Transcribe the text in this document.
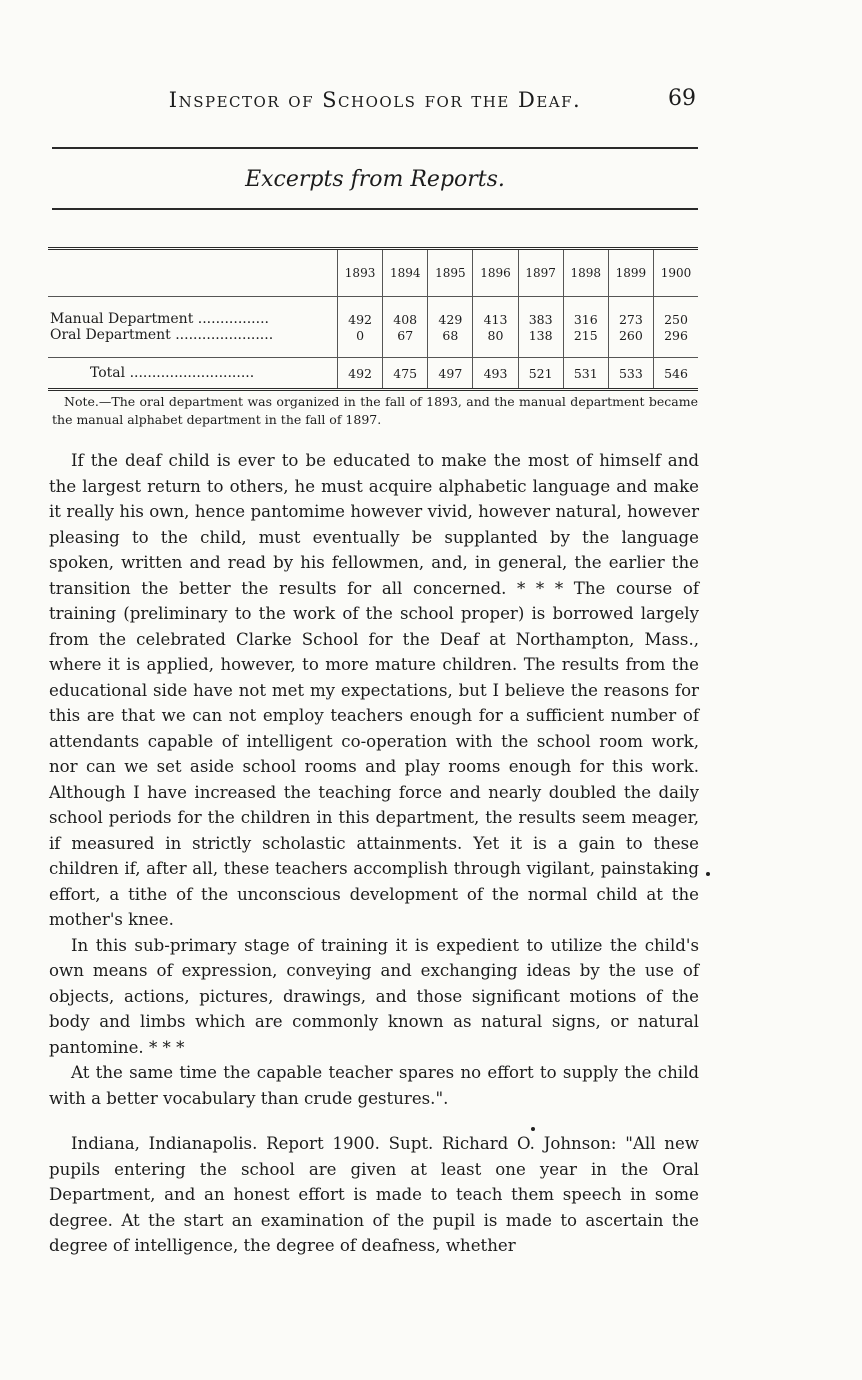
Inspector of Schools for the Deaf.	69
Excerpts from Reports.
	1893	1894	1895	1896	1897	1898	1899	1900

Manual Department ................	492	408	429	413	383	316	273	250
Oral Department ......................	0	67	68	80	138	215	260	296

Total ............................	492	475	497	493	521	531	533	546

Note.—The oral department was organized in the fall of 1893, and the manual department became the manual alphabet department in the fall of 1897.

If the deaf child is ever to be educated to make the most of himself and the largest return to others, he must acquire alphabetic language and make it really his own, hence pantomime however vivid, however natural, however pleasing to the child, must eventually be supplanted by the language spoken, written and read by his fellowmen, and, in general, the earlier the transition the better the results for all concerned. * * * The course of training (preliminary to the work of the school proper) is borrowed largely from the celebrated Clarke School for the Deaf at Northampton, Mass., where it is applied, however, to more mature children. The results from the educational side have not met my expectations, but I believe the reasons for this are that we can not employ teachers enough for a sufficient number of attendants capable of intelligent co-operation with the school room work, nor can we set aside school rooms and play rooms enough for this work. Although I have increased the teaching force and nearly doubled the daily school periods for the children in this department, the results seem meager, if measured in strictly scholastic attainments. Yet it is a gain to these children if, after all, these teachers accomplish through vigilant, painstaking effort, a tithe of the unconscious development of the normal child at the mother's knee.

In this sub-primary stage of training it is expedient to utilize the child's own means of expression, conveying and exchanging ideas by the use of objects, actions, pictures, drawings, and those significant motions of the body and limbs which are commonly known as natural signs, or natural pantomine. * * *

At the same time the capable teacher spares no effort to supply the child with a better vocabulary than crude gestures.".

Indiana, Indianapolis. Report 1900. Supt. Richard O. Johnson: "All new pupils entering the school are given at least one year in the Oral Department, and an honest effort is made to teach them speech in some degree. At the start an examination of the pupil is made to ascertain the degree of intelligence, the degree of deafness, whether
